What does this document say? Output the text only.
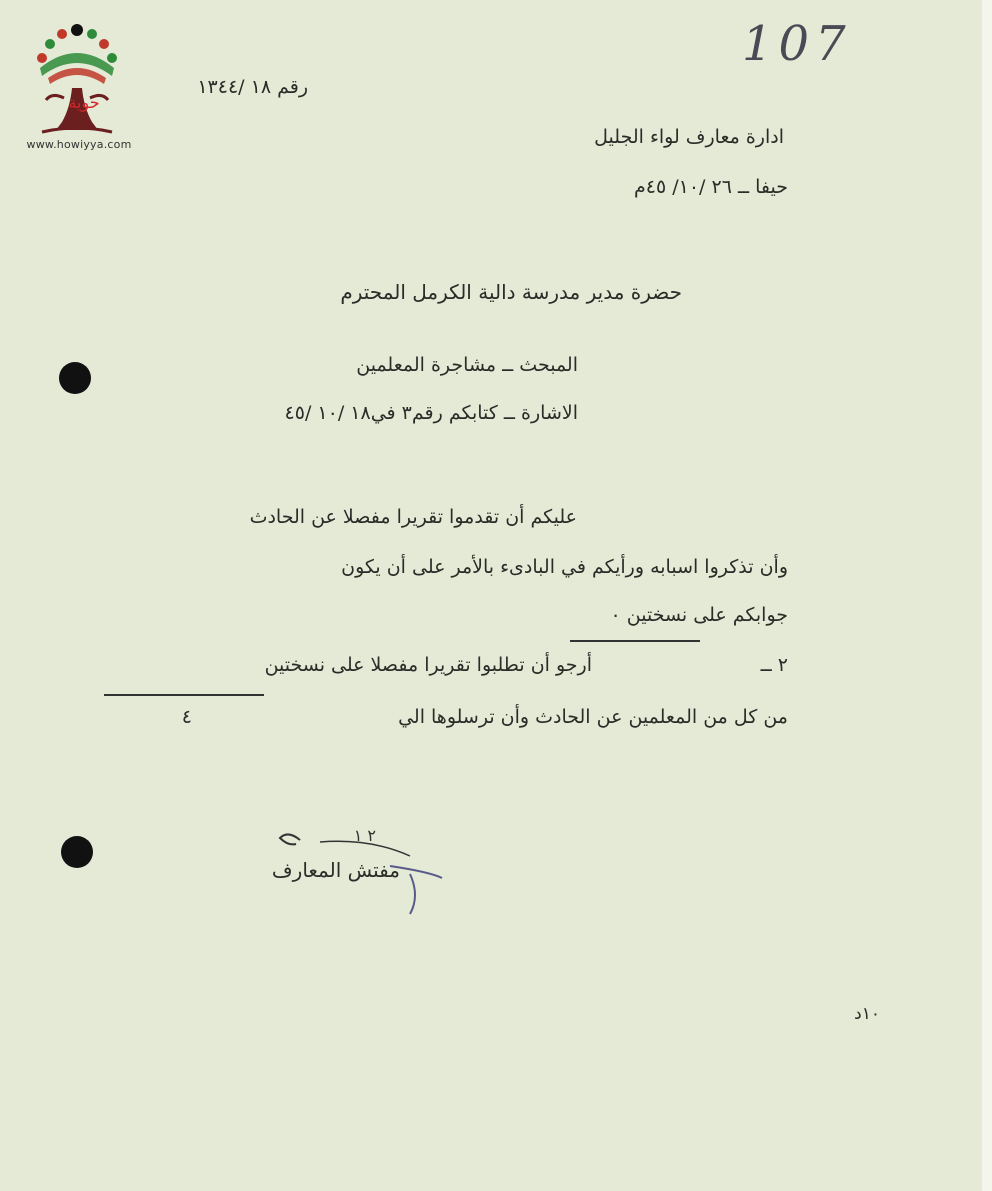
حوية
www.howiyya.com
107
رقم ١٨ /١٣٤٤
ادارة معارف لواء الجليل
حيفا ــ ٢٦ /١٠/ ٤٥م
حضرة مدير مدرسة دالية الكرمل المحترم
المبحث ــ مشاجرة المعلمين
الاشارة ــ كتابكم رقم٣ في١٨ /١٠ /٤٥
عليكم أن تقدموا تقريرا مفصلا عن الحادث
وأن تذكروا اسبابه ورأيكم في البادىء بالأمر على أن يكون
جوابكم على نسختين ٠
٢ ــ
أرجو أن تطلبوا تقريرا مفصلا على نسختين
من كل من المعلمين عن الحادث وأن ترسلوها الي
٤
٢ ١
مفتش المعارف
١٠د
